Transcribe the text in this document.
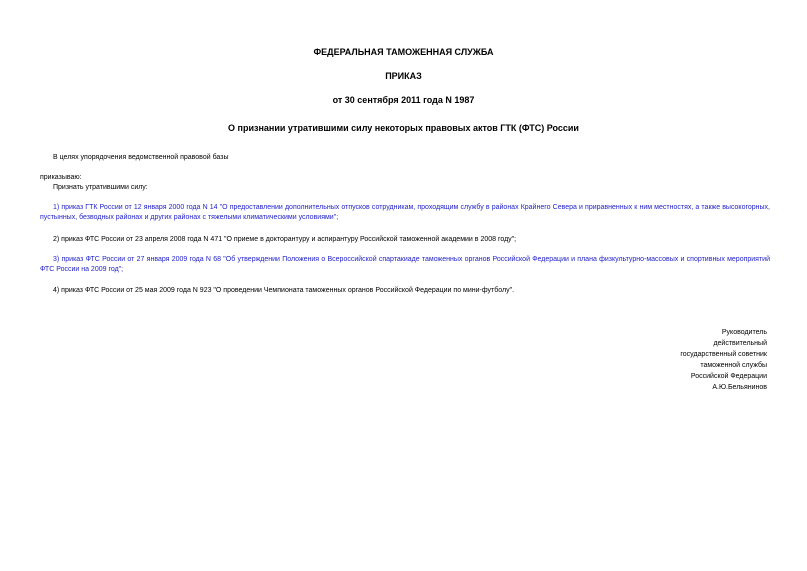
ФЕДЕРАЛЬНАЯ ТАМОЖЕННАЯ СЛУЖБА
ПРИКАЗ
от 30 сентября 2011 года N 1987
О признании утратившими силу некоторых правовых актов ГТК (ФТС) России
В целях упорядочения ведомственной правовой базы
приказываю:
Признать утратившими силу:
1) приказ ГТК России от 12 января 2000 года N 14 "О предоставлении дополнительных отпусков сотрудникам, проходящим службу в районах Крайнего Севера и приравненных к ним местностях, а также высокогорных, пустынных, безводных районах и других районах с тяжелыми климатическими условиями";
2) приказ ФТС России от 23 апреля 2008 года N 471 "О приеме в докторантуру и аспирантуру Российской таможенной академии в 2008 году";
3) приказ ФТС России от 27 января 2009 года N 68 "Об утверждении Положения о Всероссийской спартакиаде таможенных органов Российской Федерации и плана физкультурно-массовых и спортивных мероприятий ФТС России на 2009 год";
4) приказ ФТС России от 25 мая 2009 года N 923 "О проведении Чемпионата таможенных органов Российской Федерации по мини-футболу".
Руководитель
действительный
государственный советник
таможенной службы
Российской Федерации
А.Ю.Бельянинов
